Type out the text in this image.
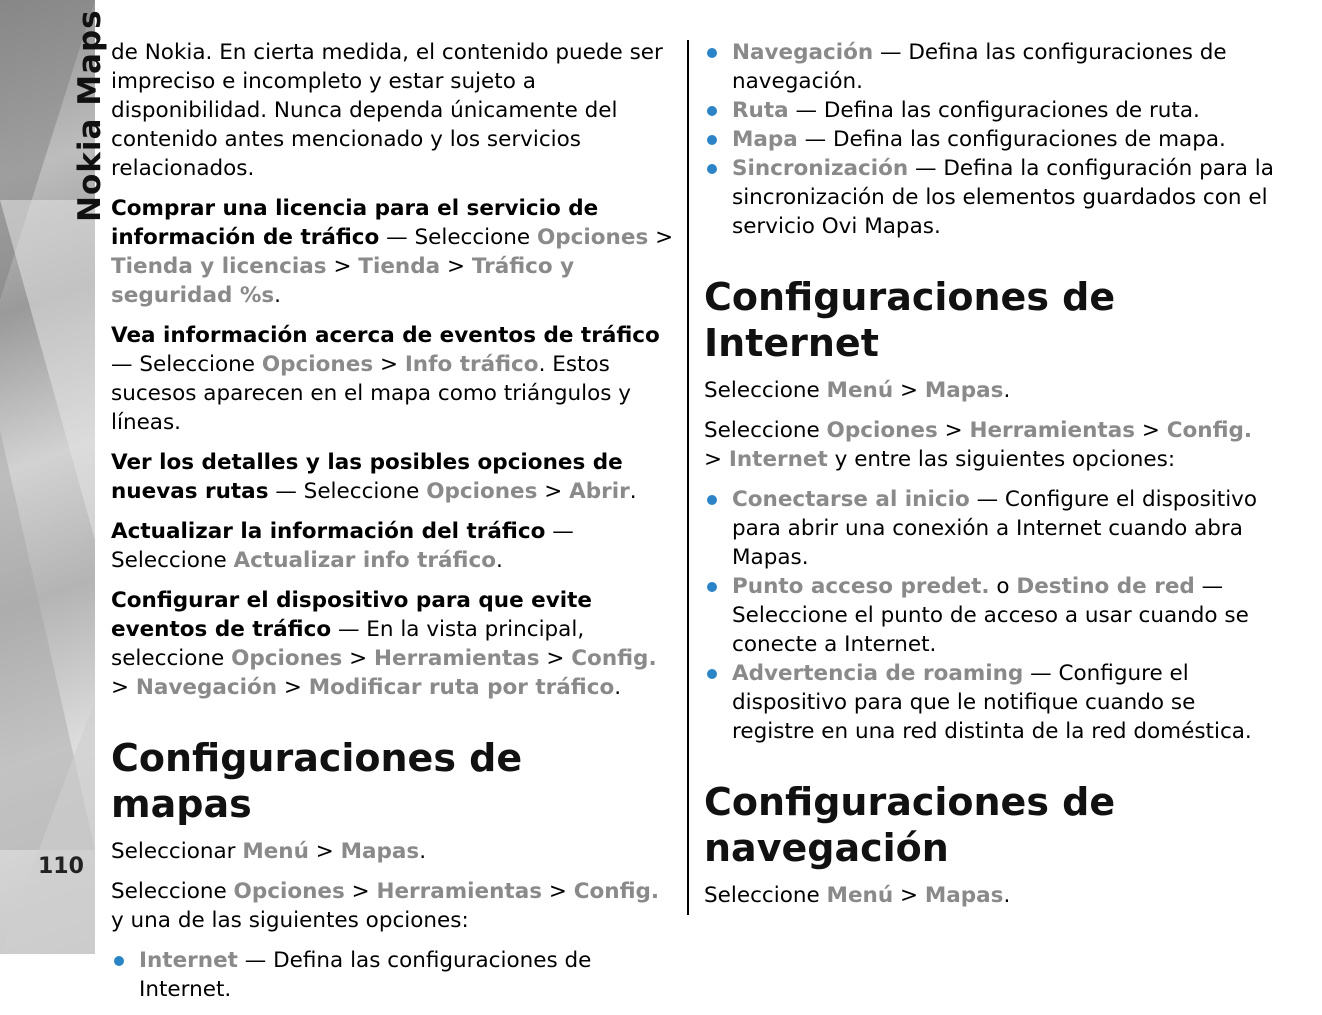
Nokia Maps
110

de Nokia. En cierta medida, el contenido puede ser impreciso e incompleto y estar sujeto a disponibilidad. Nunca dependa únicamente del contenido antes mencionado y los servicios relacionados.

Comprar una licencia para el servicio de información de tráfico — Seleccione Opciones > Tienda y licencias > Tienda > Tráfico y seguridad %s.

Vea información acerca de eventos de tráfico — Seleccione Opciones > Info tráfico. Estos sucesos aparecen en el mapa como triángulos y líneas.

Ver los detalles y las posibles opciones de nuevas rutas — Seleccione Opciones > Abrir.

Actualizar la información del tráfico — Seleccione Actualizar info tráfico.

Configurar el dispositivo para que evite eventos de tráfico — En la vista principal, seleccione Opciones > Herramientas > Config. > Navegación > Modificar ruta por tráfico.

Configuraciones de mapas

Seleccionar Menú > Mapas.

Seleccione Opciones > Herramientas > Config. y una de las siguientes opciones:

Internet — Defina las configuraciones de Internet.
Navegación — Defina las configuraciones de navegación.
Ruta — Defina las configuraciones de ruta.
Mapa — Defina las configuraciones de mapa.
Sincronización — Defina la configuración para la sincronización de los elementos guardados con el servicio Ovi Mapas.
Configuraciones de Internet

Seleccione Menú > Mapas.

Seleccione Opciones > Herramientas > Config. > Internet y entre las siguientes opciones:

Conectarse al inicio — Configure el dispositivo para abrir una conexión a Internet cuando abra Mapas.
Punto acceso predet. o Destino de red — Seleccione el punto de acceso a usar cuando se conecte a Internet.
Advertencia de roaming — Configure el dispositivo para que le notifique cuando se registre en una red distinta de la red doméstica.
Configuraciones de navegación

Seleccione Menú > Mapas.
